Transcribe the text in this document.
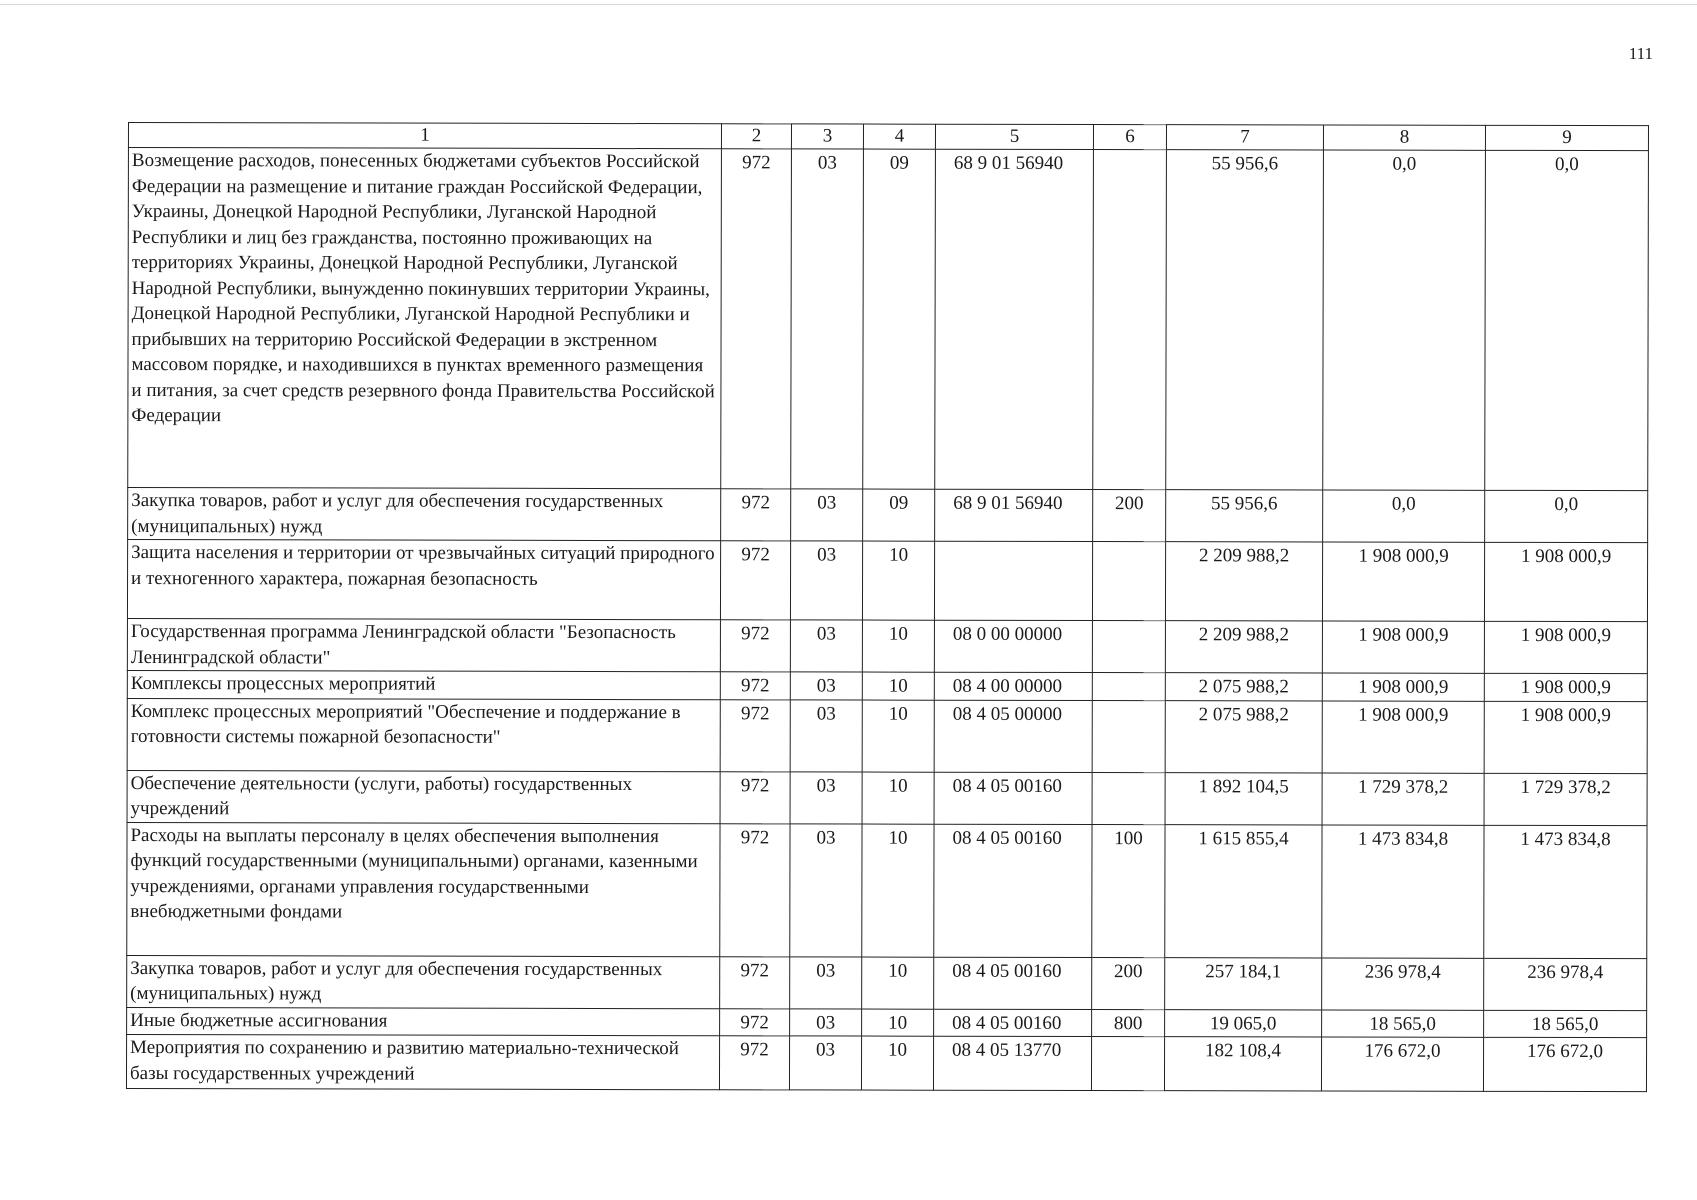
111
1	2	3	4	5	6	7	8	9
Возмещение расходов, понесенных бюджетами субъектов Российской Федерации на размещение и питание граждан Российской Федерации, Украины, Донецкой Народной Республики, Луганской Народной Республики и лиц без гражданства, постоянно проживающих на территориях Украины, Донецкой Народной Республики, Луганской Народной Республики, вынужденно покинувших территории Украины, Донецкой Народной Республики, Луганской Народной Республики и прибывших на территорию Российской Федерации в экстренном массовом порядке, и находившихся в пунктах временного размещения и питания, за счет средств резервного фонда Правительства Российской Федерации	972	03	09	68 9 01 56940		55 956,6	0,0	0,0
Закупка товаров, работ и услуг для обеспечения государственных (муниципальных) нужд	972	03	09	68 9 01 56940	200	55 956,6	0,0	0,0
Защита населения и территории от чрезвычайных ситуаций природного и техногенного характера, пожарная безопасность	972	03	10			2 209 988,2	1 908 000,9	1 908 000,9
Государственная программа Ленинградской области "Безопасность Ленинградской области"	972	03	10	08 0 00 00000		2 209 988,2	1 908 000,9	1 908 000,9
Комплексы процессных мероприятий	972	03	10	08 4 00 00000		2 075 988,2	1 908 000,9	1 908 000,9
Комплекс процессных мероприятий "Обеспечение и поддержание в готовности системы пожарной безопасности"	972	03	10	08 4 05 00000		2 075 988,2	1 908 000,9	1 908 000,9
Обеспечение деятельности (услуги, работы) государственных учреждений	972	03	10	08 4 05 00160		1 892 104,5	1 729 378,2	1 729 378,2
Расходы на выплаты персоналу в целях обеспечения выполнения функций государственными (муниципальными) органами, казенными учреждениями, органами управления государственными внебюджетными фондами	972	03	10	08 4 05 00160	100	1 615 855,4	1 473 834,8	1 473 834,8
Закупка товаров, работ и услуг для обеспечения государственных (муниципальных) нужд	972	03	10	08 4 05 00160	200	257 184,1	236 978,4	236 978,4
Иные бюджетные ассигнования	972	03	10	08 4 05 00160	800	19 065,0	18 565,0	18 565,0
Мероприятия по сохранению и развитию материально-технической базы государственных учреждений	972	03	10	08 4 05 13770		182 108,4	176 672,0	176 672,0
